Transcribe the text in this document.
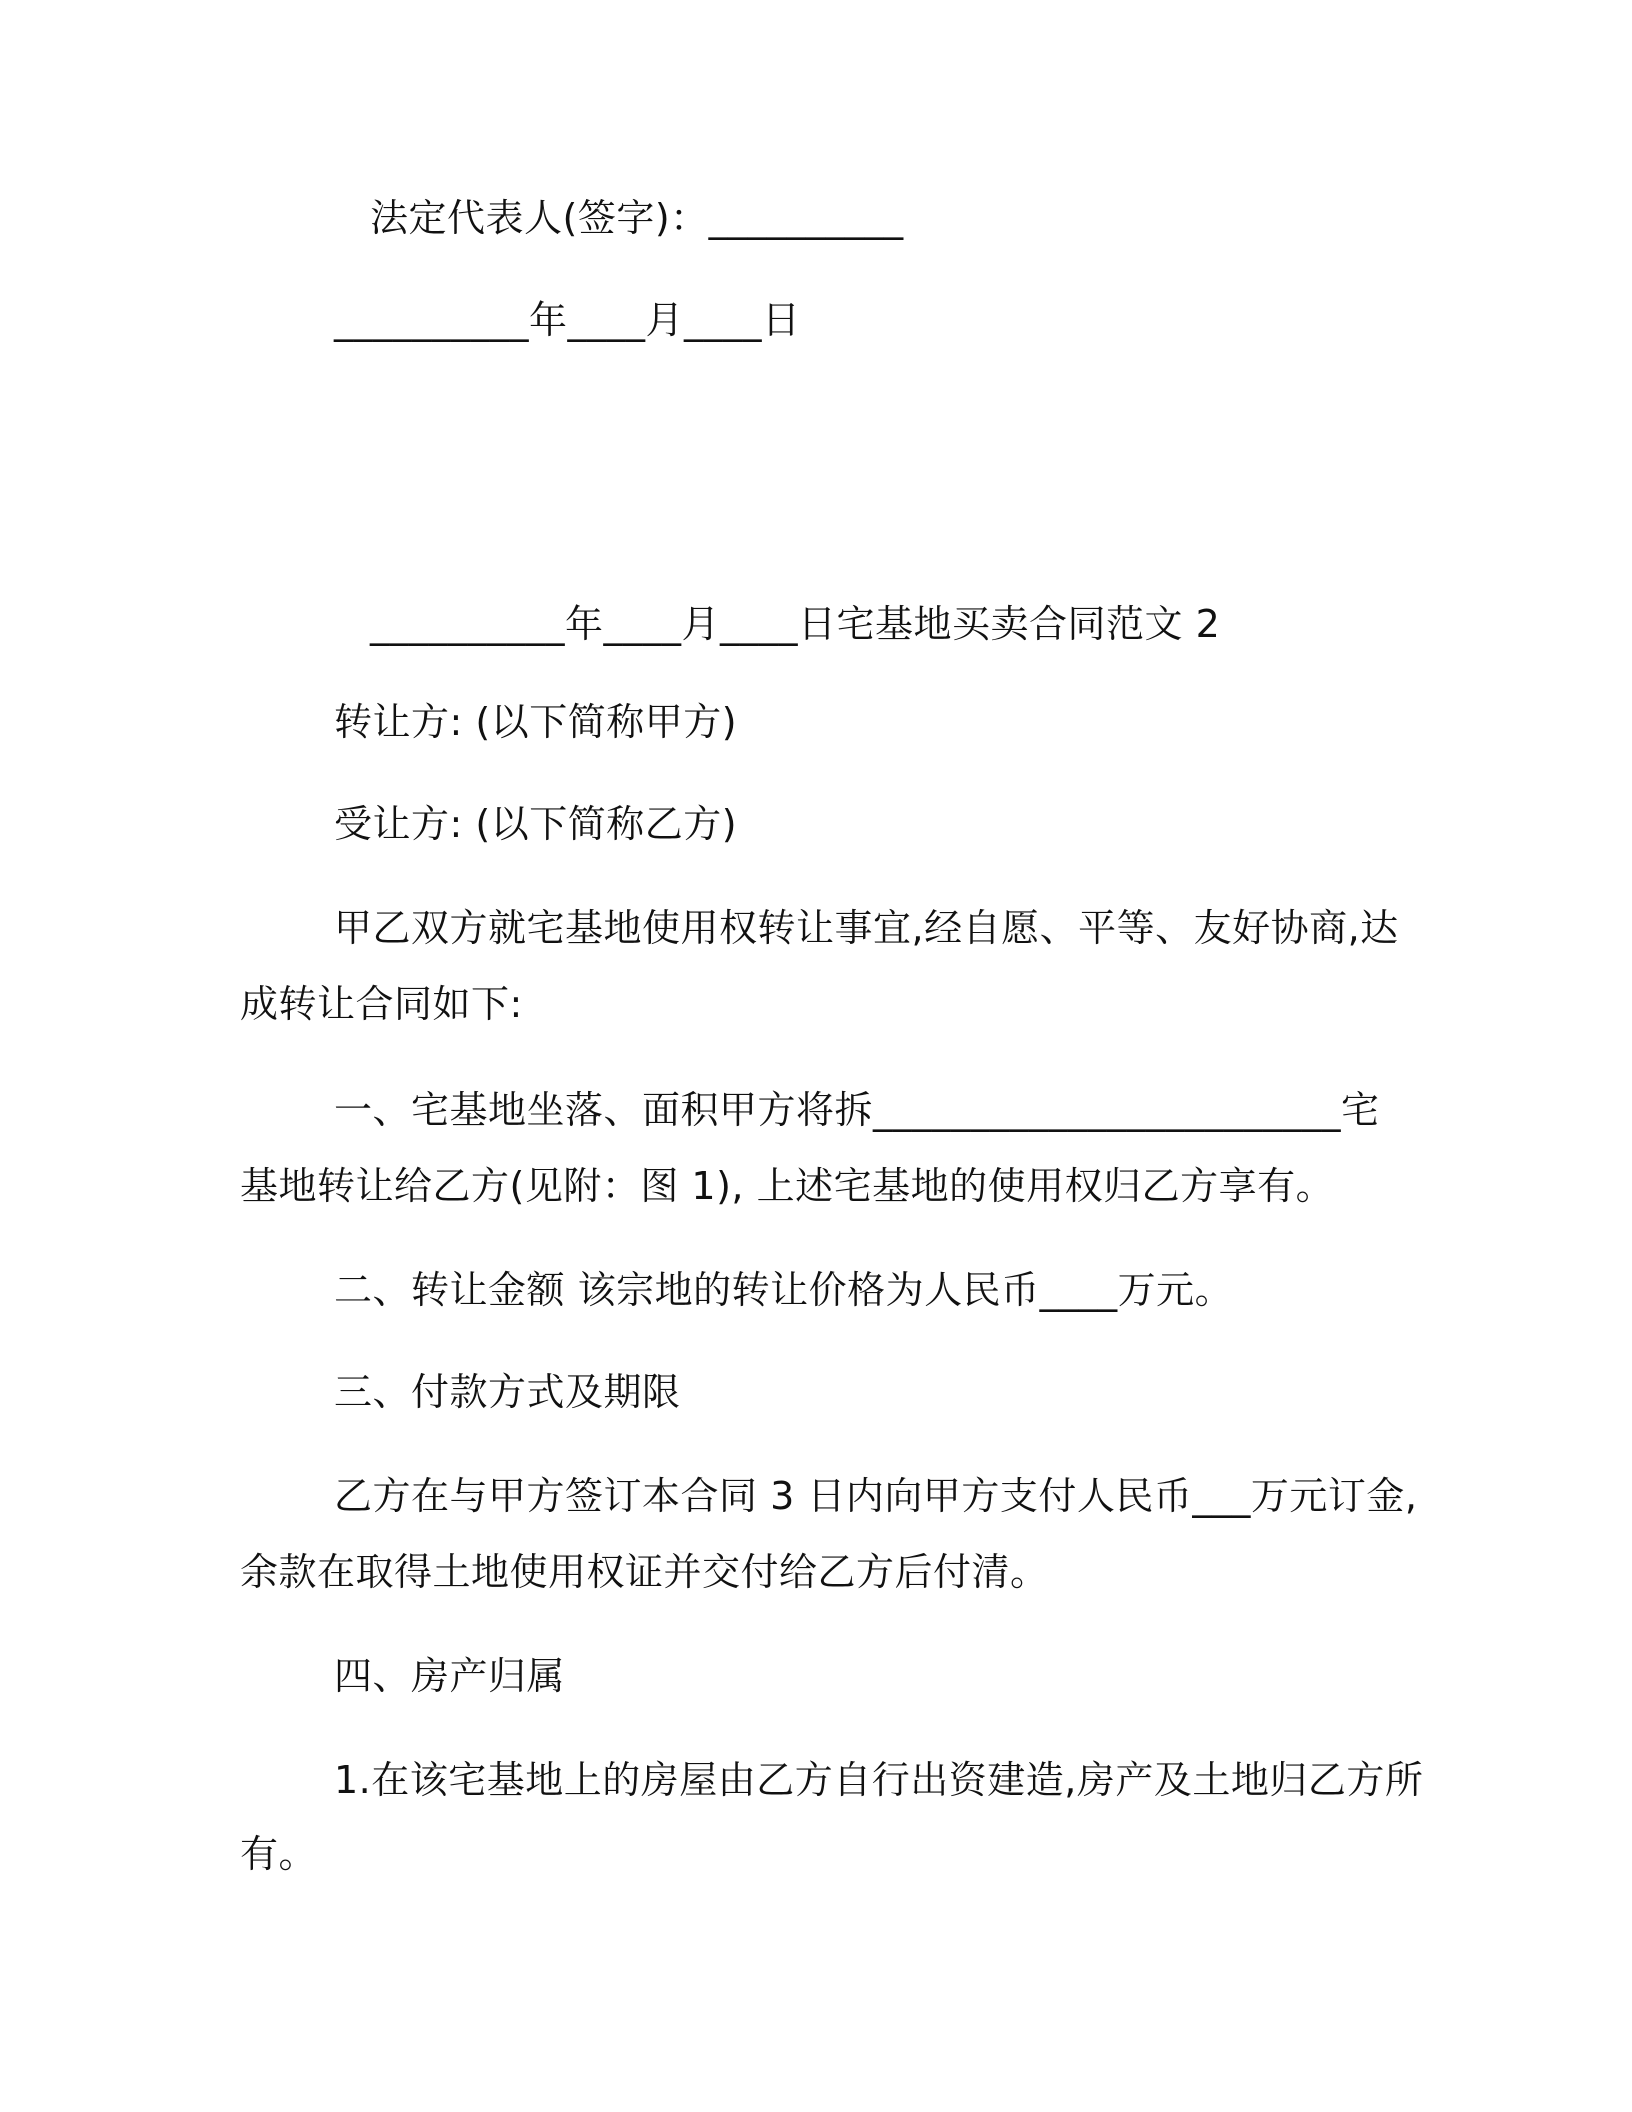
法定代表人(签字)：__________
__________年____月____日
__________年____月____日宅基地买卖合同范文 2
转让方: (以下简称甲方)
受让方: (以下简称乙方)
甲乙双方就宅基地使用权转让事宜,经自愿、平等、友好协商,达
成转让合同如下:
一、宅基地坐落、面积甲方将拆________________________宅
基地转让给乙方(见附：图 1), 上述宅基地的使用权归乙方享有。
二、转让金额 该宗地的转让价格为人民币____万元。
三、付款方式及期限
乙方在与甲方签订本合同 3 日内向甲方支付人民币___万元订金,
余款在取得土地使用权证并交付给乙方后付清。
四、房产归属
1.在该宅基地上的房屋由乙方自行出资建造,房产及土地归乙方所
有。
